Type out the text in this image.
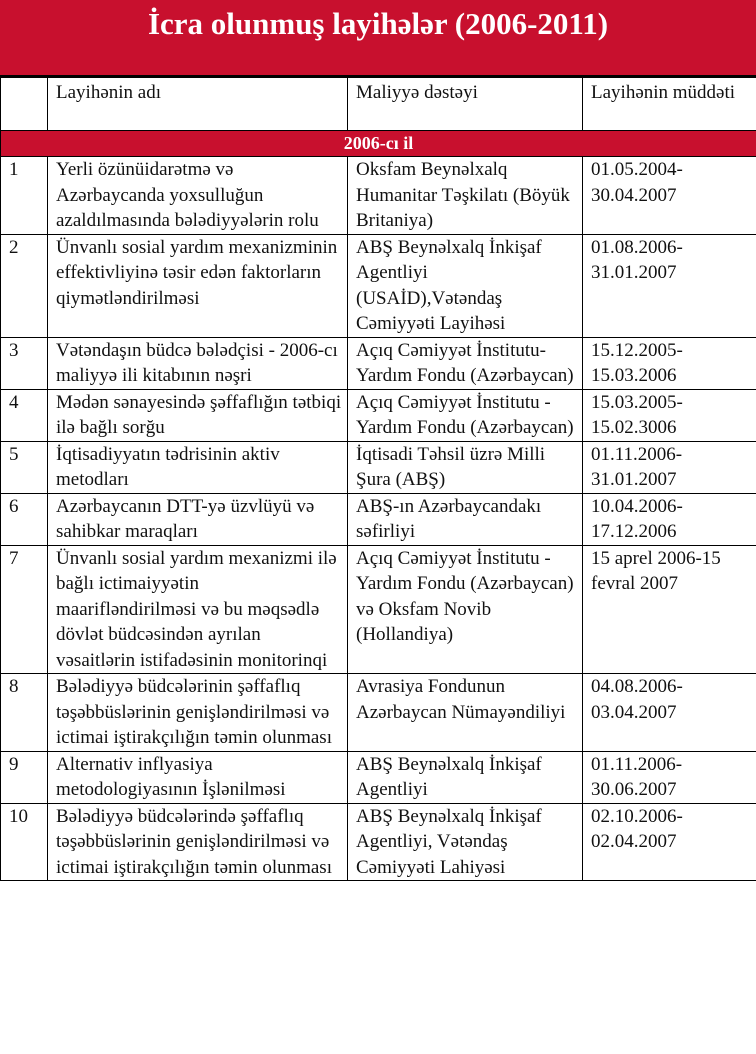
İcra olunmuş layihələr (2006-2011)
	Layihənin adı	Maliyyə dəstəyi	Layihənin müddəti
2006-cı il			
1	Yerli özünüidarətmə və Azərbaycanda yoxsulluğun azaldılmasında bələdiyyələrin rolu	Oksfam Beynəlxalq Humanitar Təşkilatı (Böyük Britaniya)	01.05.2004-30.04.2007
2	Ünvanlı sosial yardım mexanizminin effektivliyinə təsir edən faktorların qiymətləndirilməsi	ABŞ Beynəlxalq İnkişaf Agentliyi (USAİD),Vətəndaş Cəmiyyəti Layihəsi	01.08.2006-31.01.2007
3	Vətəndaşın büdcə bələdçisi - 2006-cı maliyyə ili kitabının nəşri	Açıq Cəmiyyət İnstitutu-Yardım Fondu (Azərbaycan)	15.12.2005-15.03.2006
4	Mədən sənayesində şəffaflığın tətbiqi ilə bağlı sorğu	Açıq Cəmiyyət İnstitutu -Yardım Fondu (Azərbaycan)	15.03.2005-15.02.3006
5	İqtisadiyyatın tədrisinin aktiv metodları	İqtisadi Təhsil üzrə Milli Şura (ABŞ)	01.11.2006-31.01.2007
6	Azərbaycanın DTT-yə üzvlüyü və sahibkar maraqları	ABŞ-ın Azərbaycandakı səfirliyi	10.04.2006-17.12.2006
7	Ünvanlı sosial yardım mexanizmi ilə bağlı ictimaiyyətin maarifləndirilməsi və bu məqsədlə dövlət büdcəsindən ayrılan vəsaitlərin istifadəsinin monitorinqi	Açıq Cəmiyyət İnstitutu -Yardım Fondu (Azərbaycan) və Oksfam Novib (Hollandiya)	15 aprel 2006-15 fevral 2007
8	Bələdiyyə büdcələrinin şəffaflıq təşəbbüslərinin genişləndirilməsi və ictimai iştirakçılığın təmin olunması	Avrasiya Fondunun Azərbaycan Nümayəndiliyi	04.08.2006-03.04.2007
9	Alternativ inflyasiya metodologiyasının İşlənilməsi	ABŞ Beynəlxalq İnkişaf Agentliyi	01.11.2006-30.06.2007
10	Bələdiyyə büdcələrində şəffaflıq təşəbbüslərinin genişləndirilməsi və ictimai iştirakçılığın təmin olunması	ABŞ Beynəlxalq İnkişaf Agentliyi, Vətəndaş Cəmiyyəti Lahiyəsi	02.10.2006-02.04.2007
